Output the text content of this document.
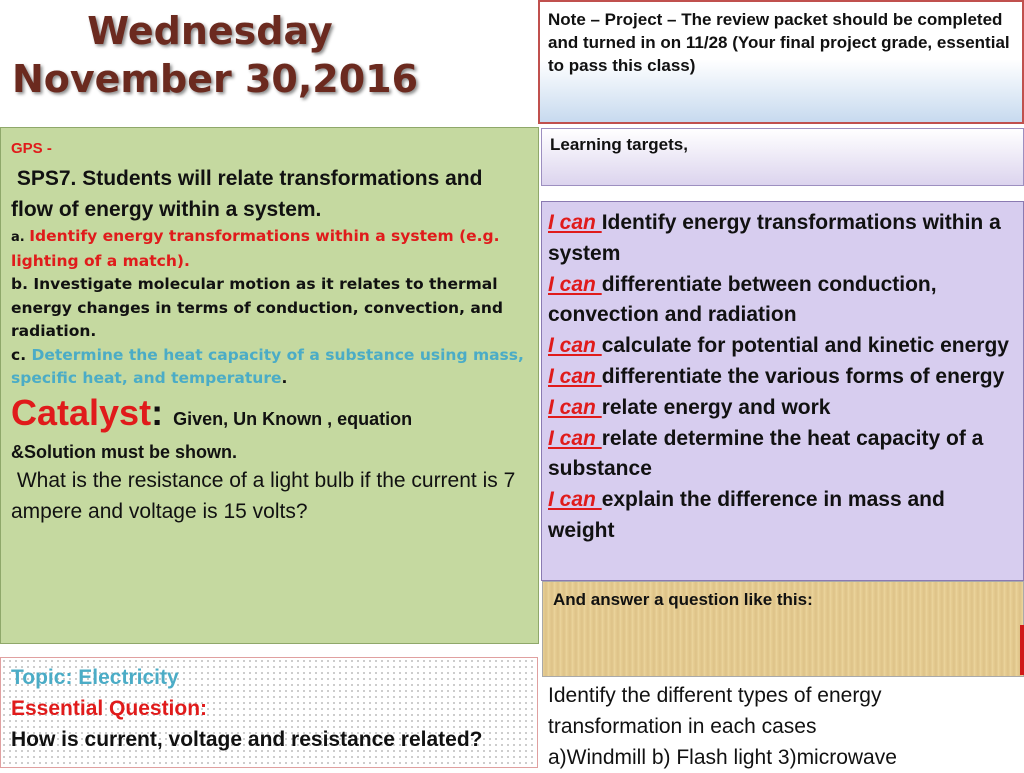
Wednesday
November 30,2016
Note – Project – The review packet should be completed and turned in on 11/28 (Your final project grade, essential to pass this class)
Learning targets,
I can Identify energy transformations within a system
I can differentiate between conduction, convection and radiation
I can calculate for potential and kinetic energy
I can differentiate the various forms of energy
I can relate energy and work
I can relate determine the heat capacity of a substance
I can explain the difference in mass and weight
And answer a question like this:
Identify the different types of energy
transformation in each cases
a)Windmill b) Flash light 3)microwave
GPS -
SPS7. Students will relate transformations and flow of energy within a system.
a. Identify energy transformations within a system (e.g. lighting of a match).
b. Investigate molecular motion as it relates to thermal energy changes in terms of conduction, convection, and radiation.
c. Determine the heat capacity of a substance using mass, specific heat, and temperature.
Catalyst: Given, Un Known , equation
&Solution must be shown.
What is the resistance of a light bulb if the current is 7 ampere and voltage is 15 volts?
Topic: Electricity
Essential Question:
How is current, voltage and resistance related?
